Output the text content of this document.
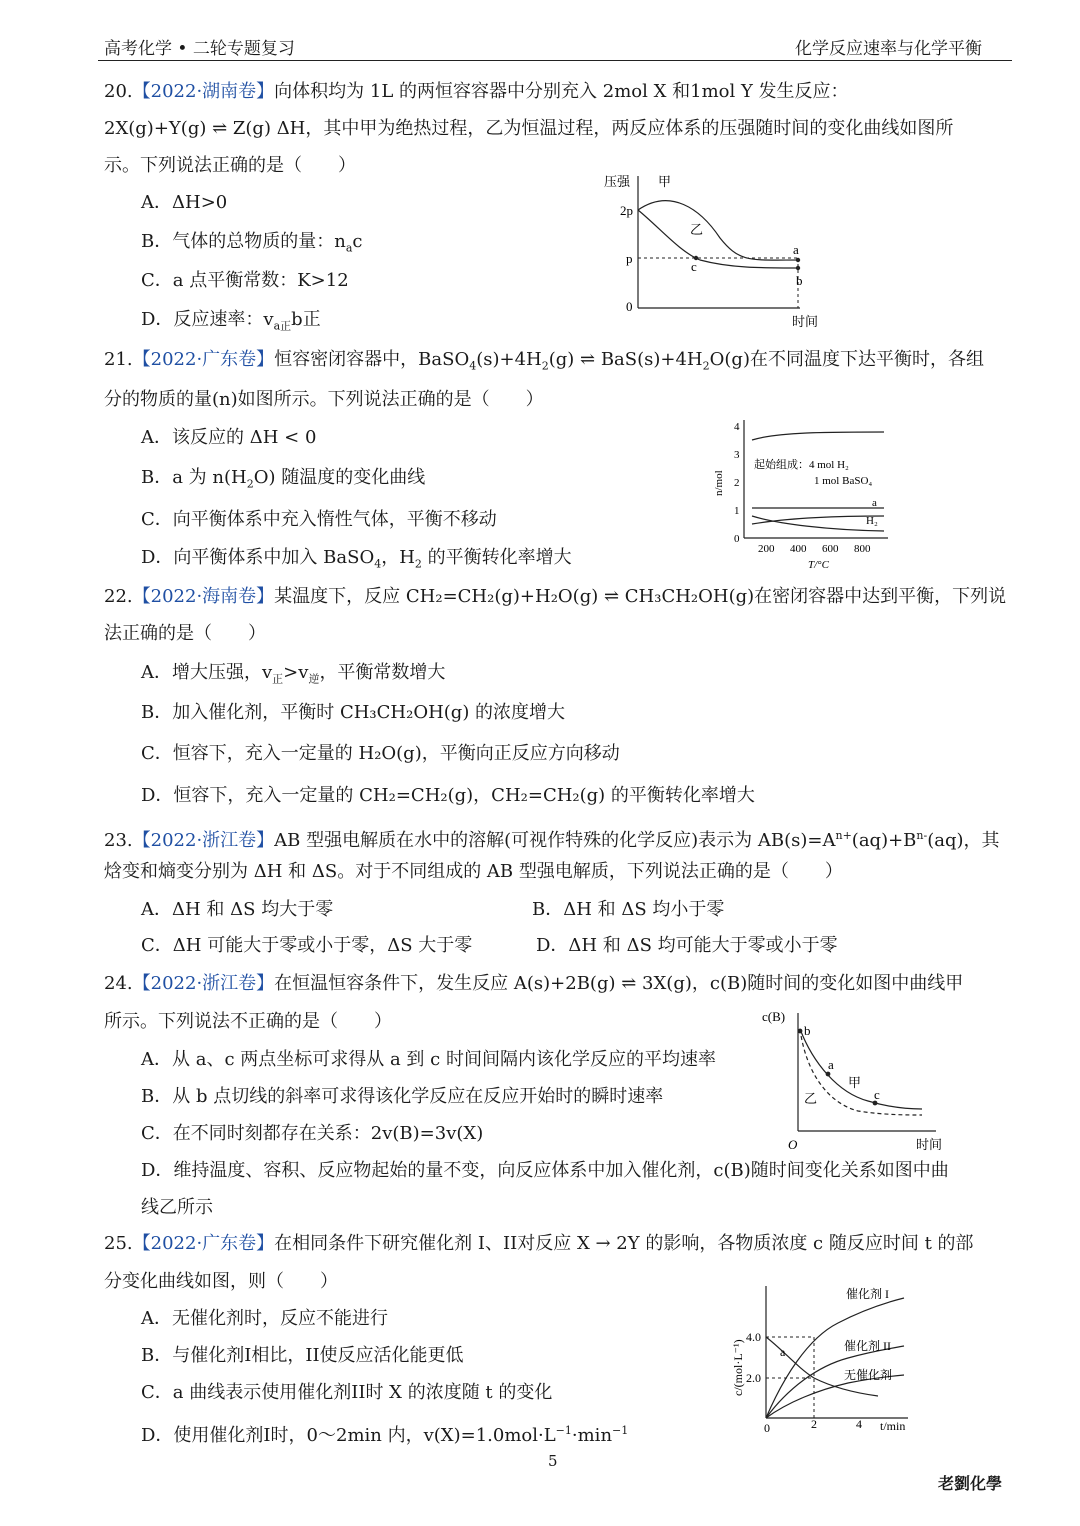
高考化学 • 二轮专题复习	化学反应速率与化学平衡
20.【2022·湖南卷】向体积均为 1L 的两恒容容器中分别充入 2mol X 和1mol Y 发生反应：
2X(g)+Y(g) ⇌ Z(g) ΔH，其中甲为绝热过程，乙为恒温过程，两反应体系的压强随时间的变化曲线如图所
示。下列说法正确的是（　　）
A．ΔH>0
B．气体的总物质的量：$n_ac$
C．a 点平衡常数：K>12
D．反应速率：$v_{a正}b$正
压强 甲
乙
2p
p
0
a
b
c
时间
21.【2022·广东卷】恒容密闭容器中，$BaSO_4(s)+4H_2(g)$ ⇌ $BaS(s)+4H_2O(g)$在不同温度下达平衡时，各组
分的物质的量(n)如图所示。下列说法正确的是（　　）
A．该反应的 ΔH < 0
B．a 为 $n(H_2O)$ 随温度的变化曲线
C．向平衡体系中充入惰性气体，平衡不移动
D．向平衡体系中加入 BaSO$_4$，$H_2$ 的平衡转化率增大
n/mol
4
3
2
1
0
200 400 600 800
T/°C
起始组成：4 mol H₂
1 mol BaSO₄
a
H₂
22.【2022·海南卷】某温度下，反应 CH₂=CH₂(g)+H₂O(g) ⇌ CH₃CH₂OH(g)在密闭容器中达到平衡，下列说
法正确的是（　　）
A．增大压强，$v_正>v_逆$，平衡常数增大
B．加入催化剂，平衡时 CH₃CH₂OH(g) 的浓度增大
C．恒容下，充入一定量的 H₂O(g)，平衡向正反应方向移动
D．恒容下，充入一定量的 CH₂=CH₂(g)，CH₂=CH₂(g) 的平衡转化率增大
23.【2022·浙江卷】AB 型强电解质在水中的溶解(可视作特殊的化学反应)表示为 $AB(s)=A^{n+}(aq)+B^{n-}(aq)$，其
焓变和熵变分别为 ΔH 和 ΔS。对于不同组成的 AB 型强电解质，下列说法正确的是（　　）
A．ΔH 和 ΔS 均大于零	B．ΔH 和 ΔS 均小于零
C．ΔH 可能大于零或小于零，ΔS 大于零	D．ΔH 和 ΔS 均可能大于零或小于零
24.【2022·浙江卷】在恒温恒容条件下，发生反应 A(s)+2B(g) ⇌ 3X(g)，c(B)随时间的变化如图中曲线甲
所示。下列说法不正确的是（　　）
A．从 a、c 两点坐标可求得从 a 到 c 时间间隔内该化学反应的平均速率
B．从 b 点切线的斜率可求得该化学反应在反应开始时的瞬时速率
C．在不同时刻都存在关系：2v(B)=3v(X)
D．维持温度、容积、反应物起始的量不变，向反应体系中加入催化剂，c(B)随时间变化关系如图中曲
线乙所示
c(B)
b
a
c
甲
乙
O	时间
25.【2022·广东卷】在相同条件下研究催化剂 I、II对反应 X → 2Y 的影响，各物质浓度 c 随反应时间 t 的部
分变化曲线如图，则（　　）
A．无催化剂时，反应不能进行
B．与催化剂I相比，II使反应活化能更低
C．a 曲线表示使用催化剂II时 X 的浓度随 t 的变化
D．使用催化剂I时，0～2min 内，$v(X)=1.0mol\cdot L^{-1}\cdot\min^{-1}$
c/(mol·L⁻¹)
4.0
2.0
0	2	4 t/min
催化剂 I
催化剂 II
无催化剂
a
5
老劉化學
